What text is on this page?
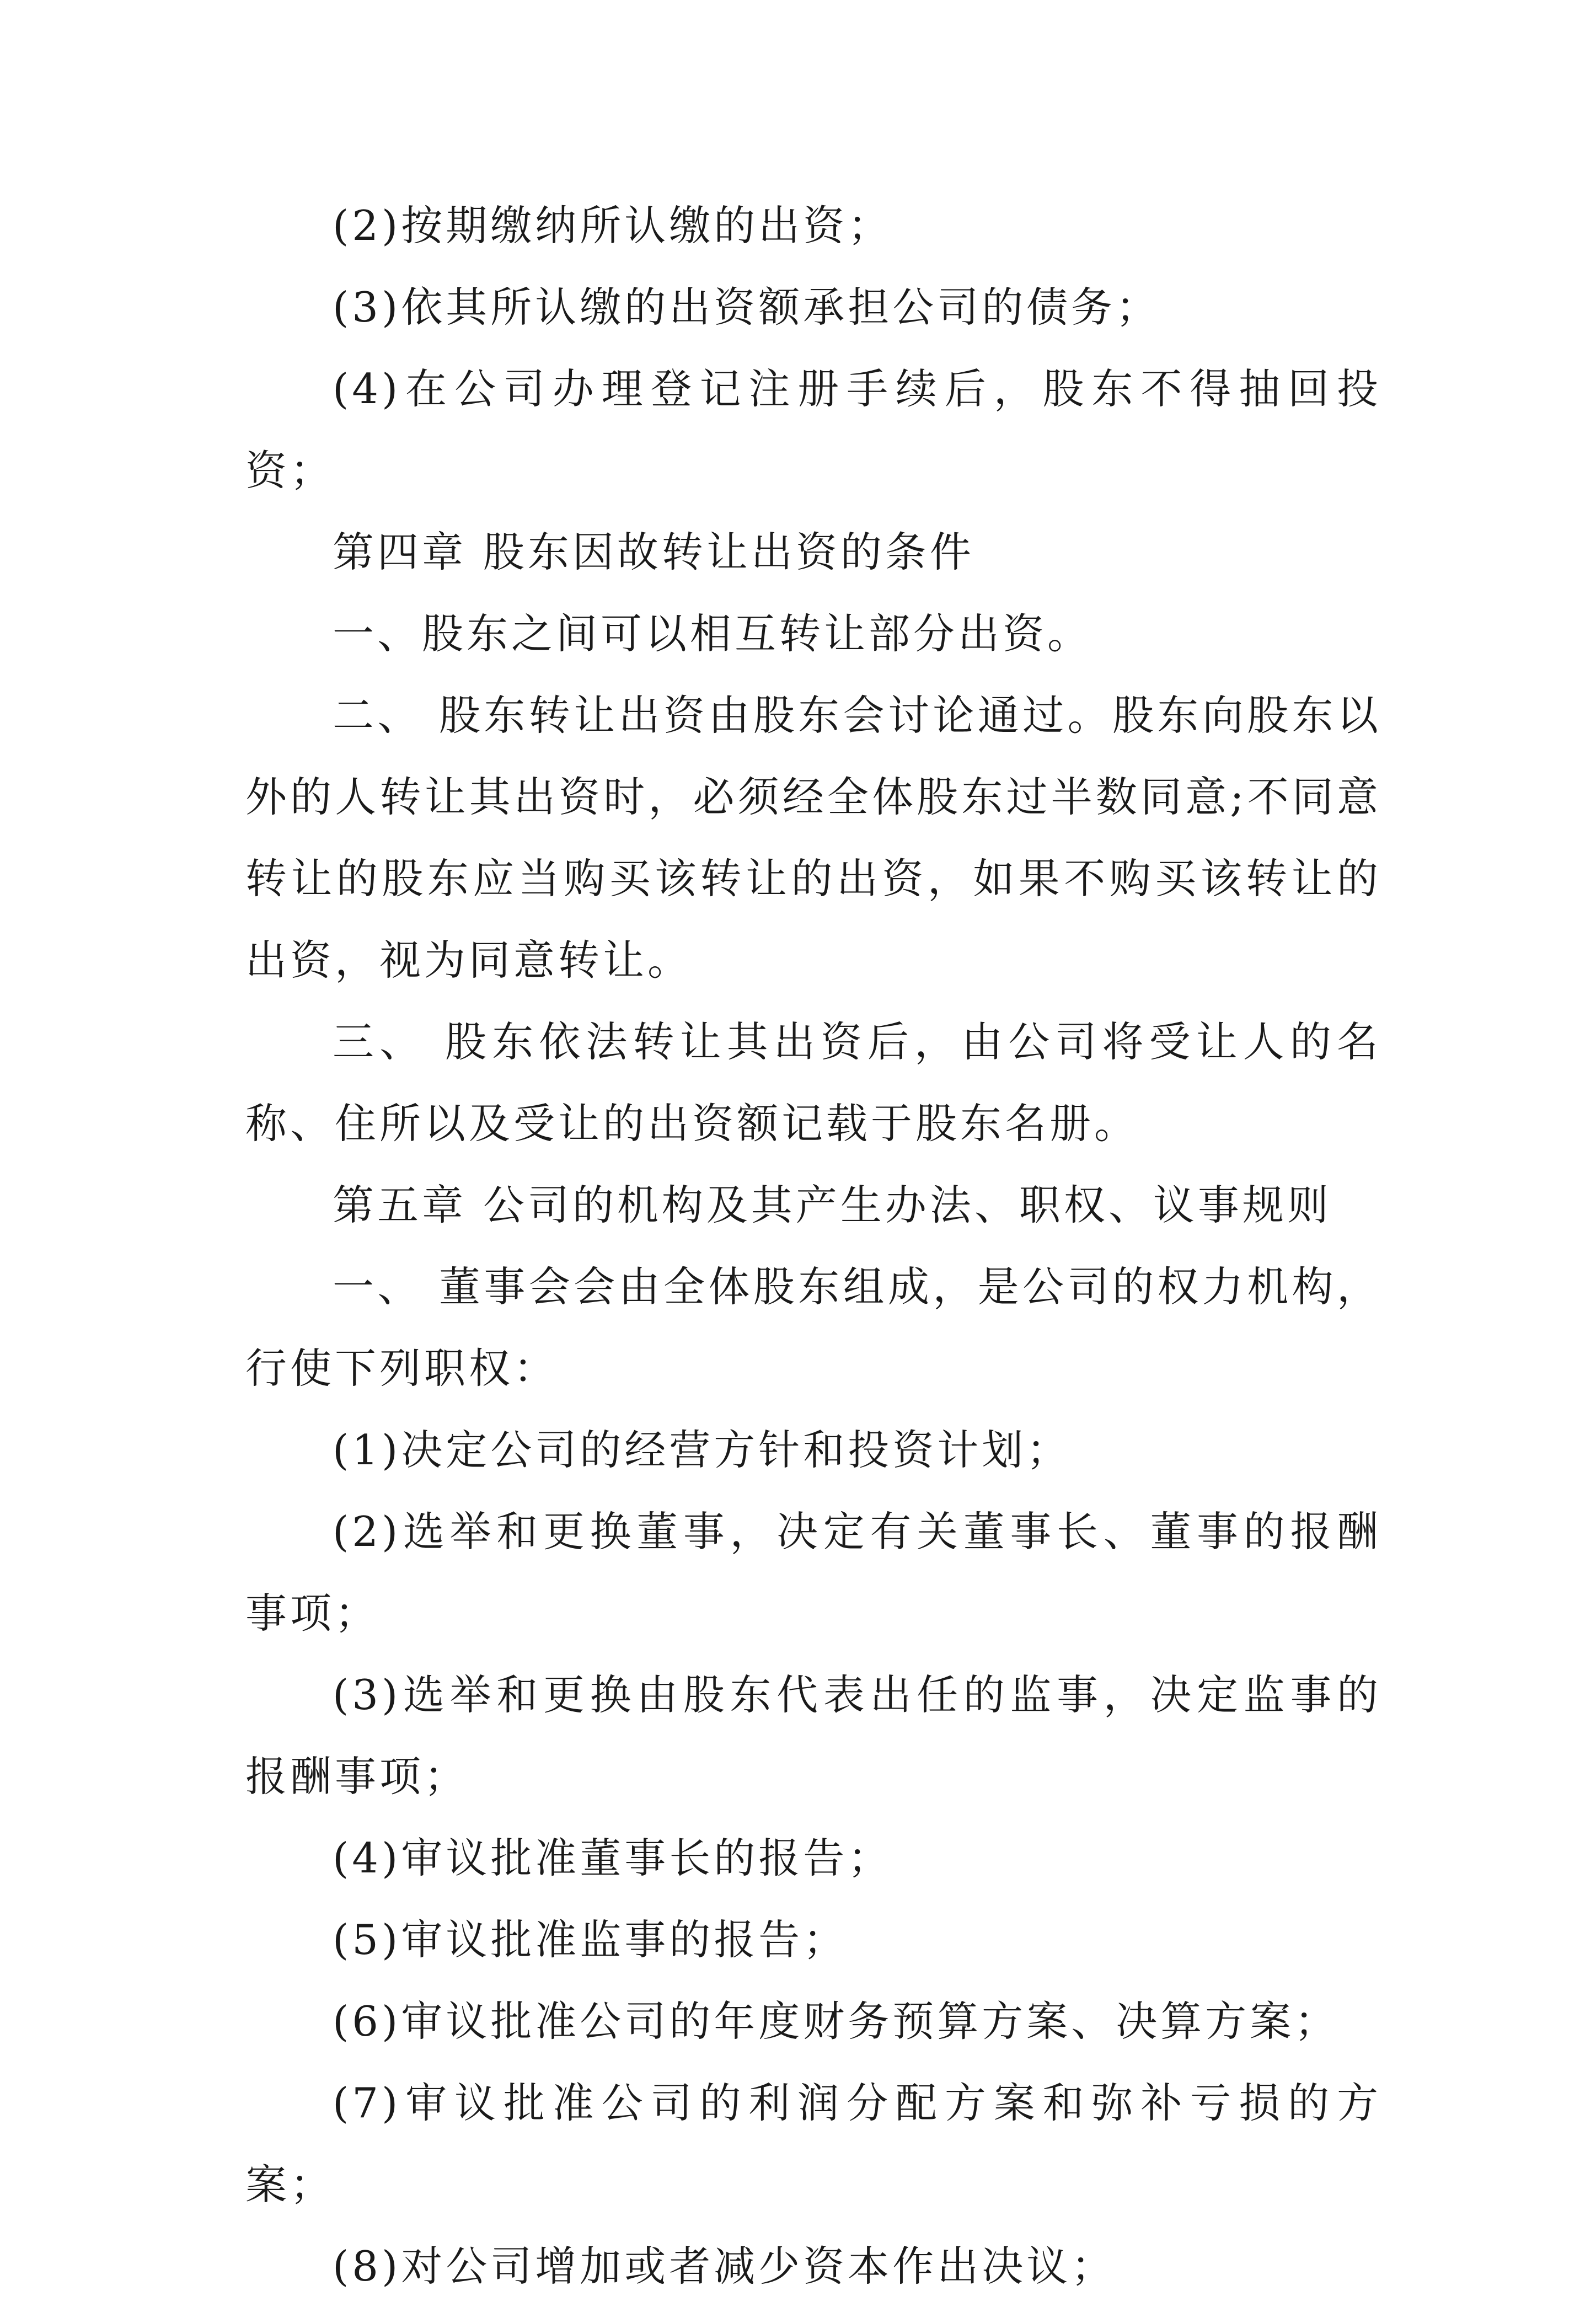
(2)按期缴纳所认缴的出资；

(3)依其所认缴的出资额承担公司的债务；

(4)在公司办理登记注册手续后，股东不得抽回投资；

第四章 股东因故转让出资的条件

一、股东之间可以相互转让部分出资。

二、 股东转让出资由股东会讨论通过。股东向股东以外的人转让其出资时，必须经全体股东过半数同意;不同意转让的股东应当购买该转让的出资，如果不购买该转让的出资，视为同意转让。

三、 股东依法转让其出资后，由公司将受让人的名称、住所以及受让的出资额记载于股东名册。

第五章 公司的机构及其产生办法、职权、议事规则

一、 董事会会由全体股东组成，是公司的权力机构，行使下列职权：

(1)决定公司的经营方针和投资计划；

(2)选举和更换董事，决定有关董事长、董事的报酬事项；

(3)选举和更换由股东代表出任的监事，决定监事的报酬事项；

(4)审议批准董事长的报告；

(5)审议批准监事的报告；

(6)审议批准公司的年度财务预算方案、决算方案；

(7)审议批准公司的利润分配方案和弥补亏损的方案；

(8)对公司增加或者减少资本作出决议；
